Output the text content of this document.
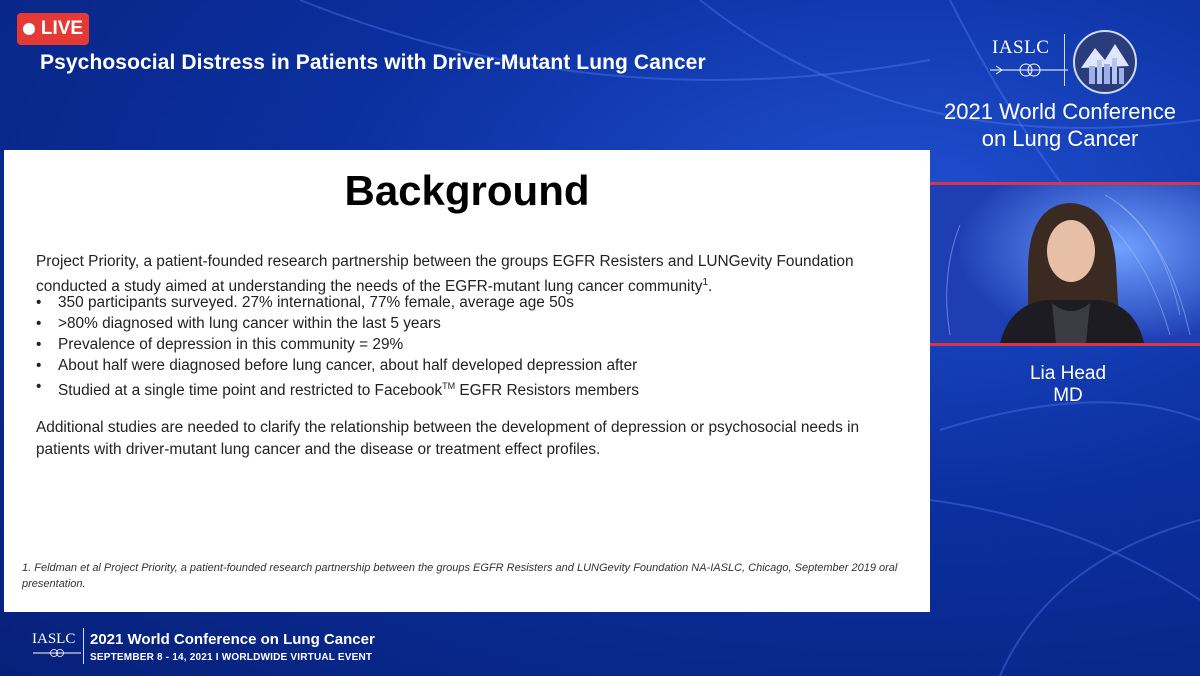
LIVE
Psychosocial Distress in Patients with Driver-Mutant Lung Cancer
IASLC
2021 World Conference
on Lung Cancer
Background
Project Priority, a patient-founded research partnership between the groups EGFR Resisters and LUNGevity Foundation conducted a study aimed at understanding the needs of the EGFR-mutant lung cancer community$^1$.
• 350 participants surveyed. 27% international, 77% female, average age 50s
• >80% diagnosed with lung cancer within the last 5 years
• Prevalence of depression in this community = 29%
• About half were diagnosed before lung cancer, about half developed depression after
• Studied at a single time point and restricted to Facebook™ EGFR Resistors members
Additional studies are needed to clarify the relationship between the development of depression or psychosocial needs in patients with driver-mutant lung cancer and the disease or treatment effect profiles.
1. Feldman et al Project Priority, a patient-founded research partnership between the groups EGFR Resisters and LUNGevity Foundation NA-IASLC, Chicago, September 2019 oral presentation.
Lia Head
MD
IASLC 2021 World Conference on Lung Cancer
SEPTEMBER 8 - 14, 2021 I WORLDWIDE VIRTUAL EVENT
